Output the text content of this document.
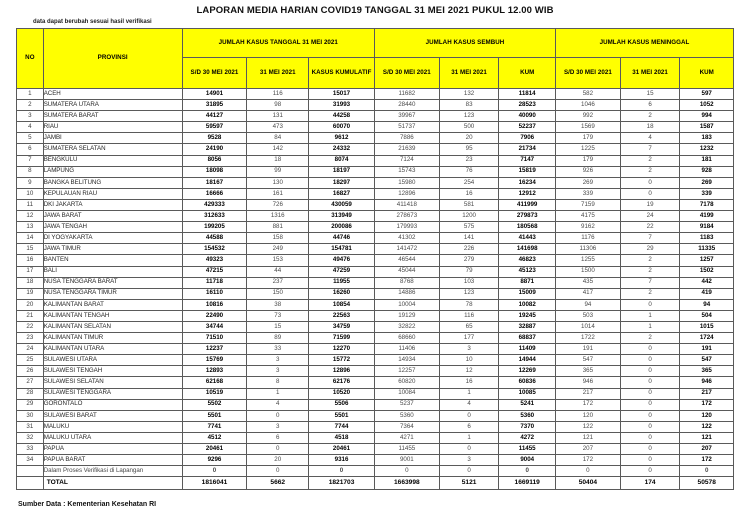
LAPORAN MEDIA HARIAN COVID19 TANGGAL 31 MEI 2021 PUKUL 12.00 WIB
data dapat berubah sesuai hasil verifikasi
NO	PROVINSI	JUMLAH KASUS TANGGAL 31 MEI 2021			JUMLAH KASUS SEMBUH			JUMLAH KASUS MENINGGAL		
		S/D 30 MEI 2021	31 MEI 2021	KASUS KUMULATIF	S/D 30 MEI 2021	31 MEI 2021	KUM	S/D 30 MEI 2021	31 MEI 2021	KUM
1	ACEH	14901	116	15017	11682	132	11814	582	15	597
2	SUMATERA UTARA	31895	98	31993	28440	83	28523	1046	6	1052
3	SUMATERA BARAT	44127	131	44258	39967	123	40090	992	2	994
4	RIAU	59597	473	60070	51737	500	52237	1569	18	1587
5	JAMBI	9528	84	9612	7886	20	7906	179	4	183
6	SUMATERA SELATAN	24190	142	24332	21639	95	21734	1225	7	1232
7	BENGKULU	8056	18	8074	7124	23	7147	179	2	181
8	LAMPUNG	18098	99	18197	15743	76	15819	926	2	928
9	BANGKA BELITUNG	18167	130	18297	15980	254	16234	269	0	269
10	KEPULAUAN RIAU	16666	161	16827	12896	16	12912	339	0	339
11	DKI JAKARTA	429333	726	430059	411418	581	411999	7159	19	7178
12	JAWA BARAT	312633	1316	313949	278673	1200	279873	4175	24	4199
13	JAWA TENGAH	199205	881	200086	179993	575	180568	9162	22	9184
14	DI YOGYAKARTA	44588	158	44746	41302	141	41443	1176	7	1183
15	JAWA TIMUR	154532	249	154781	141472	226	141698	11306	29	11335
16	BANTEN	49323	153	49476	46544	279	46823	1255	2	1257
17	BALI	47215	44	47259	45044	79	45123	1500	2	1502
18	NUSA TENGGARA BARAT	11718	237	11955	8768	103	8871	435	7	442
19	NUSA TENGGARA TIMUR	16110	150	16260	14886	123	15009	417	2	419
20	KALIMANTAN BARAT	10816	38	10854	10004	78	10082	94	0	94
21	KALIMANTAN TENGAH	22490	73	22563	19129	116	19245	503	1	504
22	KALIMANTAN SELATAN	34744	15	34759	32822	65	32887	1014	1	1015
23	KALIMANTAN TIMUR	71510	89	71599	68660	177	68837	1722	2	1724
24	KALIMANTAN UTARA	12237	33	12270	11406	3	11409	191	0	191
25	SULAWESI UTARA	15769	3	15772	14934	10	14944	547	0	547
26	SULAWESI TENGAH	12893	3	12896	12257	12	12269	365	0	365
27	SULAWESI SELATAN	62168	8	62176	60820	16	60836	946	0	946
28	SULAWESI TENGGARA	10519	1	10520	10084	1	10085	217	0	217
29	GORONTALO	5502	4	5506	5237	4	5241	172	0	172
30	SULAWESI BARAT	5501	0	5501	5360	0	5360	120	0	120
31	MALUKU	7741	3	7744	7364	6	7370	122	0	122
32	MALUKU UTARA	4512	6	4518	4271	1	4272	121	0	121
33	PAPUA	20461	0	20461	11455	0	11455	207	0	207
34	PAPUA BARAT	9296	20	9316	9001	3	9004	172	0	172
	Dalam Proses Verifikasi di Lapangan	0	0	0	0	0	0	0	0	0
	TOTAL	1816041	5662	1821703	1663998	5121	1669119	50404	174	50578
Sumber Data : Kementerian Kesehatan RI
